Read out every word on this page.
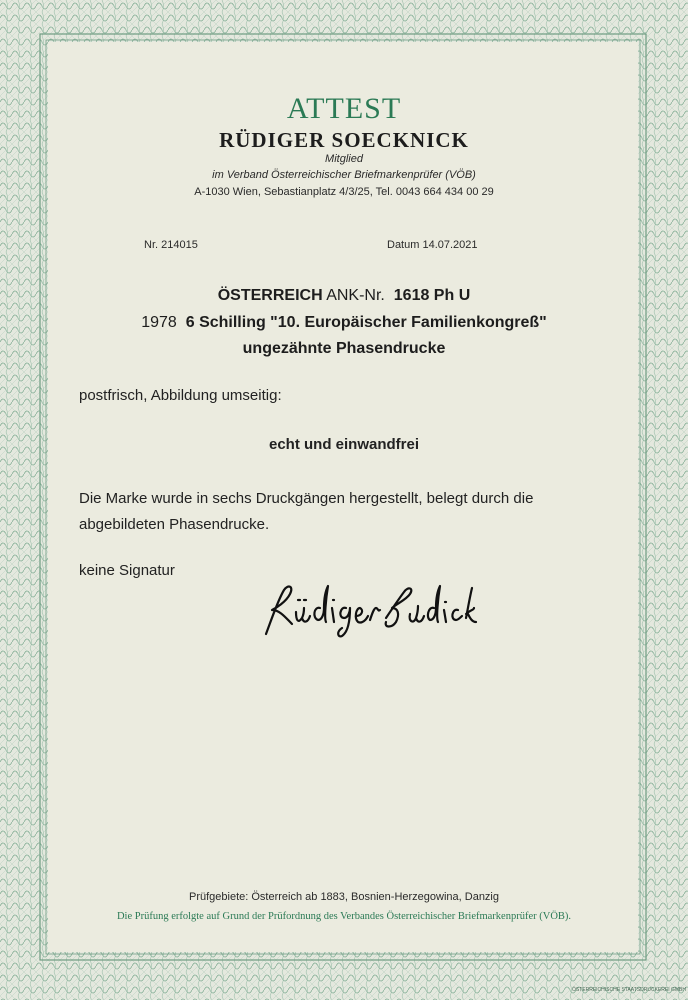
ATTEST
RÜDIGER SOECKNICK
Mitglied
im Verband Österreichischer Briefmarkenprüfer (VÖB)
A-1030 Wien, Sebastianplatz 4/3/25, Tel. 0043 664 434 00 29
Nr. 214015	Datum 14.07.2021
ÖSTERREICH ANK-Nr. 1618 Ph U
1978 6 Schilling "10. Europäischer Familienkongreß"
ungezähnte Phasendrucke
postfrisch, Abbildung umseitig:
echt und einwandfrei
Die Marke wurde in sechs Druckgängen hergestellt, belegt durch die abgebildeten Phasendrucke.
keine Signatur
Prüfgebiete: Österreich ab 1883, Bosnien-Herzegowina, Danzig
Die Prüfung erfolgte auf Grund der Prüfordnung des Verbandes Österreichischer Briefmarkenprüfer (VÖB).
ÖSTERREICHISCHE STAATSDRUCKEREI GMBH
